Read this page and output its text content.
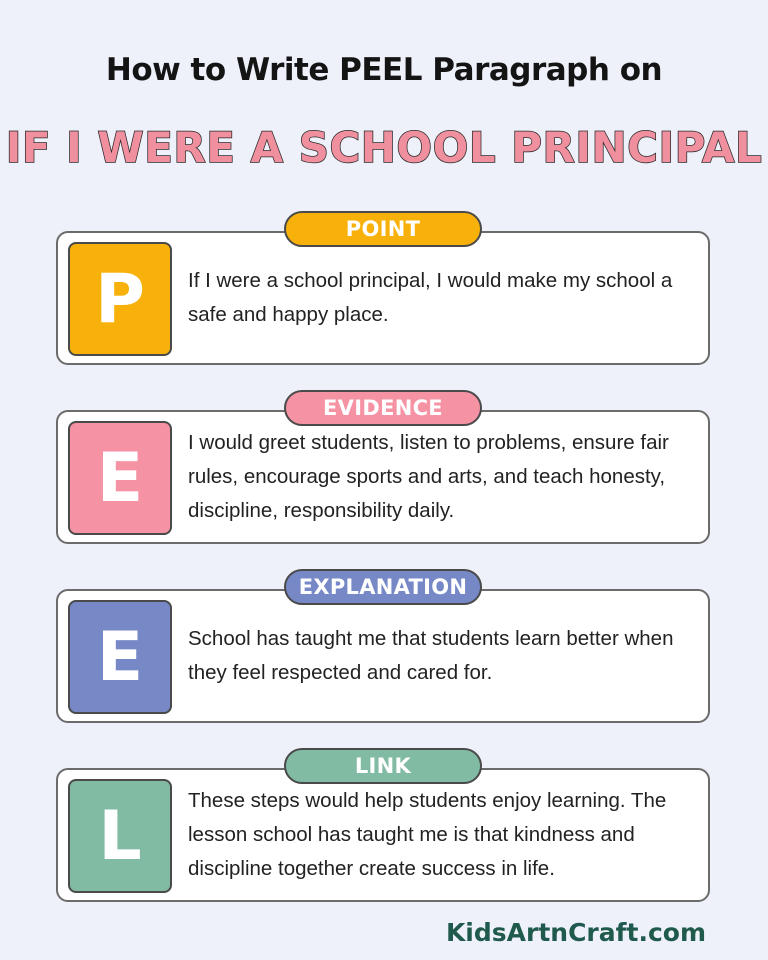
How to Write PEEL Paragraph on
IF I WERE A SCHOOL PRINCIPAL
P	If I were a school principal, I would make my school a safe and happy place.
POINT
E	I would greet students, listen to problems, ensure fair rules, encourage sports and arts, and teach honesty, discipline, responsibility daily.
EVIDENCE
E	School has taught me that students learn better when they feel respected and cared for.
EXPLANATION
L	These steps would help students enjoy learning. The lesson school has taught me is that kindness and discipline together create success in life.
LINK
KidsArtnCraft.com
